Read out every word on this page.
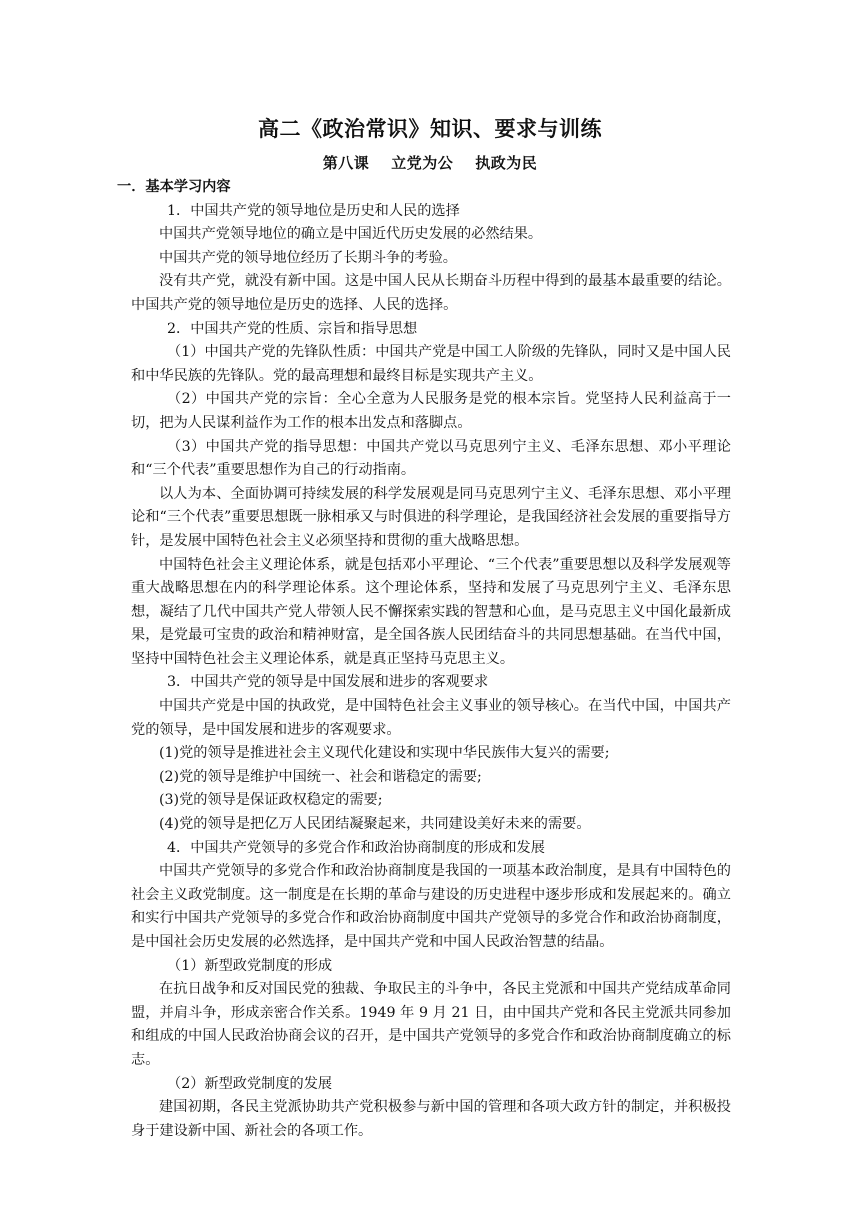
高二《政治常识》知识、要求与训练
第八课 立党为公 执政为民

一．基本学习内容

1．中国共产党的领导地位是历史和人民的选择

中国共产党领导地位的确立是中国近代历史发展的必然结果。

中国共产党的领导地位经历了长期斗争的考验。

没有共产党，就没有新中国。这是中国人民从长期奋斗历程中得到的最基本最重要的结论。中国共产党的领导地位是历史的选择、人民的选择。

2．中国共产党的性质、宗旨和指导思想

（1）中国共产党的先锋队性质：中国共产党是中国工人阶级的先锋队，同时又是中国人民和中华民族的先锋队。党的最高理想和最终目标是实现共产主义。

（2）中国共产党的宗旨：全心全意为人民服务是党的根本宗旨。党坚持人民利益高于一切，把为人民谋利益作为工作的根本出发点和落脚点。

（3）中国共产党的指导思想：中国共产党以马克思列宁主义、毛泽东思想、邓小平理论和“三个代表”重要思想作为自己的行动指南。

以人为本、全面协调可持续发展的科学发展观是同马克思列宁主义、毛泽东思想、邓小平理论和“三个代表”重要思想既一脉相承又与时俱进的科学理论，是我国经济社会发展的重要指导方针，是发展中国特色社会主义必须坚持和贯彻的重大战略思想。

中国特色社会主义理论体系，就是包括邓小平理论、“三个代表”重要思想以及科学发展观等重大战略思想在内的科学理论体系。这个理论体系，坚持和发展了马克思列宁主义、毛泽东思想，凝结了几代中国共产党人带领人民不懈探索实践的智慧和心血，是马克思主义中国化最新成果，是党最可宝贵的政治和精神财富，是全国各族人民团结奋斗的共同思想基础。在当代中国，坚持中国特色社会主义理论体系，就是真正坚持马克思主义。

3．中国共产党的领导是中国发展和进步的客观要求

中国共产党是中国的执政党，是中国特色社会主义事业的领导核心。在当代中国，中国共产党的领导，是中国发展和进步的客观要求。

(1)党的领导是推进社会主义现代化建设和实现中华民族伟大复兴的需要;

(2)党的领导是维护中国统一、社会和谐稳定的需要;

(3)党的领导是保证政权稳定的需要;

(4)党的领导是把亿万人民团结凝聚起来，共同建设美好未来的需要。

4．中国共产党领导的多党合作和政治协商制度的形成和发展

中国共产党领导的多党合作和政治协商制度是我国的一项基本政治制度，是具有中国特色的社会主义政党制度。这一制度是在长期的革命与建设的历史进程中逐步形成和发展起来的。确立和实行中国共产党领导的多党合作和政治协商制度中国共产党领导的多党合作和政治协商制度，是中国社会历史发展的必然选择，是中国共产党和中国人民政治智慧的结晶。

（1）新型政党制度的形成

在抗日战争和反对国民党的独裁、争取民主的斗争中，各民主党派和中国共产党结成革命同盟，并肩斗争，形成亲密合作关系。1949 年 9 月 21 日，由中国共产党和各民主党派共同参加和组成的中国人民政治协商会议的召开，是中国共产党领导的多党合作和政治协商制度确立的标志。

（2）新型政党制度的发展

建国初期，各民主党派协助共产党积极参与新中国的管理和各项大政方针的制定，并积极投身于建设新中国、新社会的各项工作。
